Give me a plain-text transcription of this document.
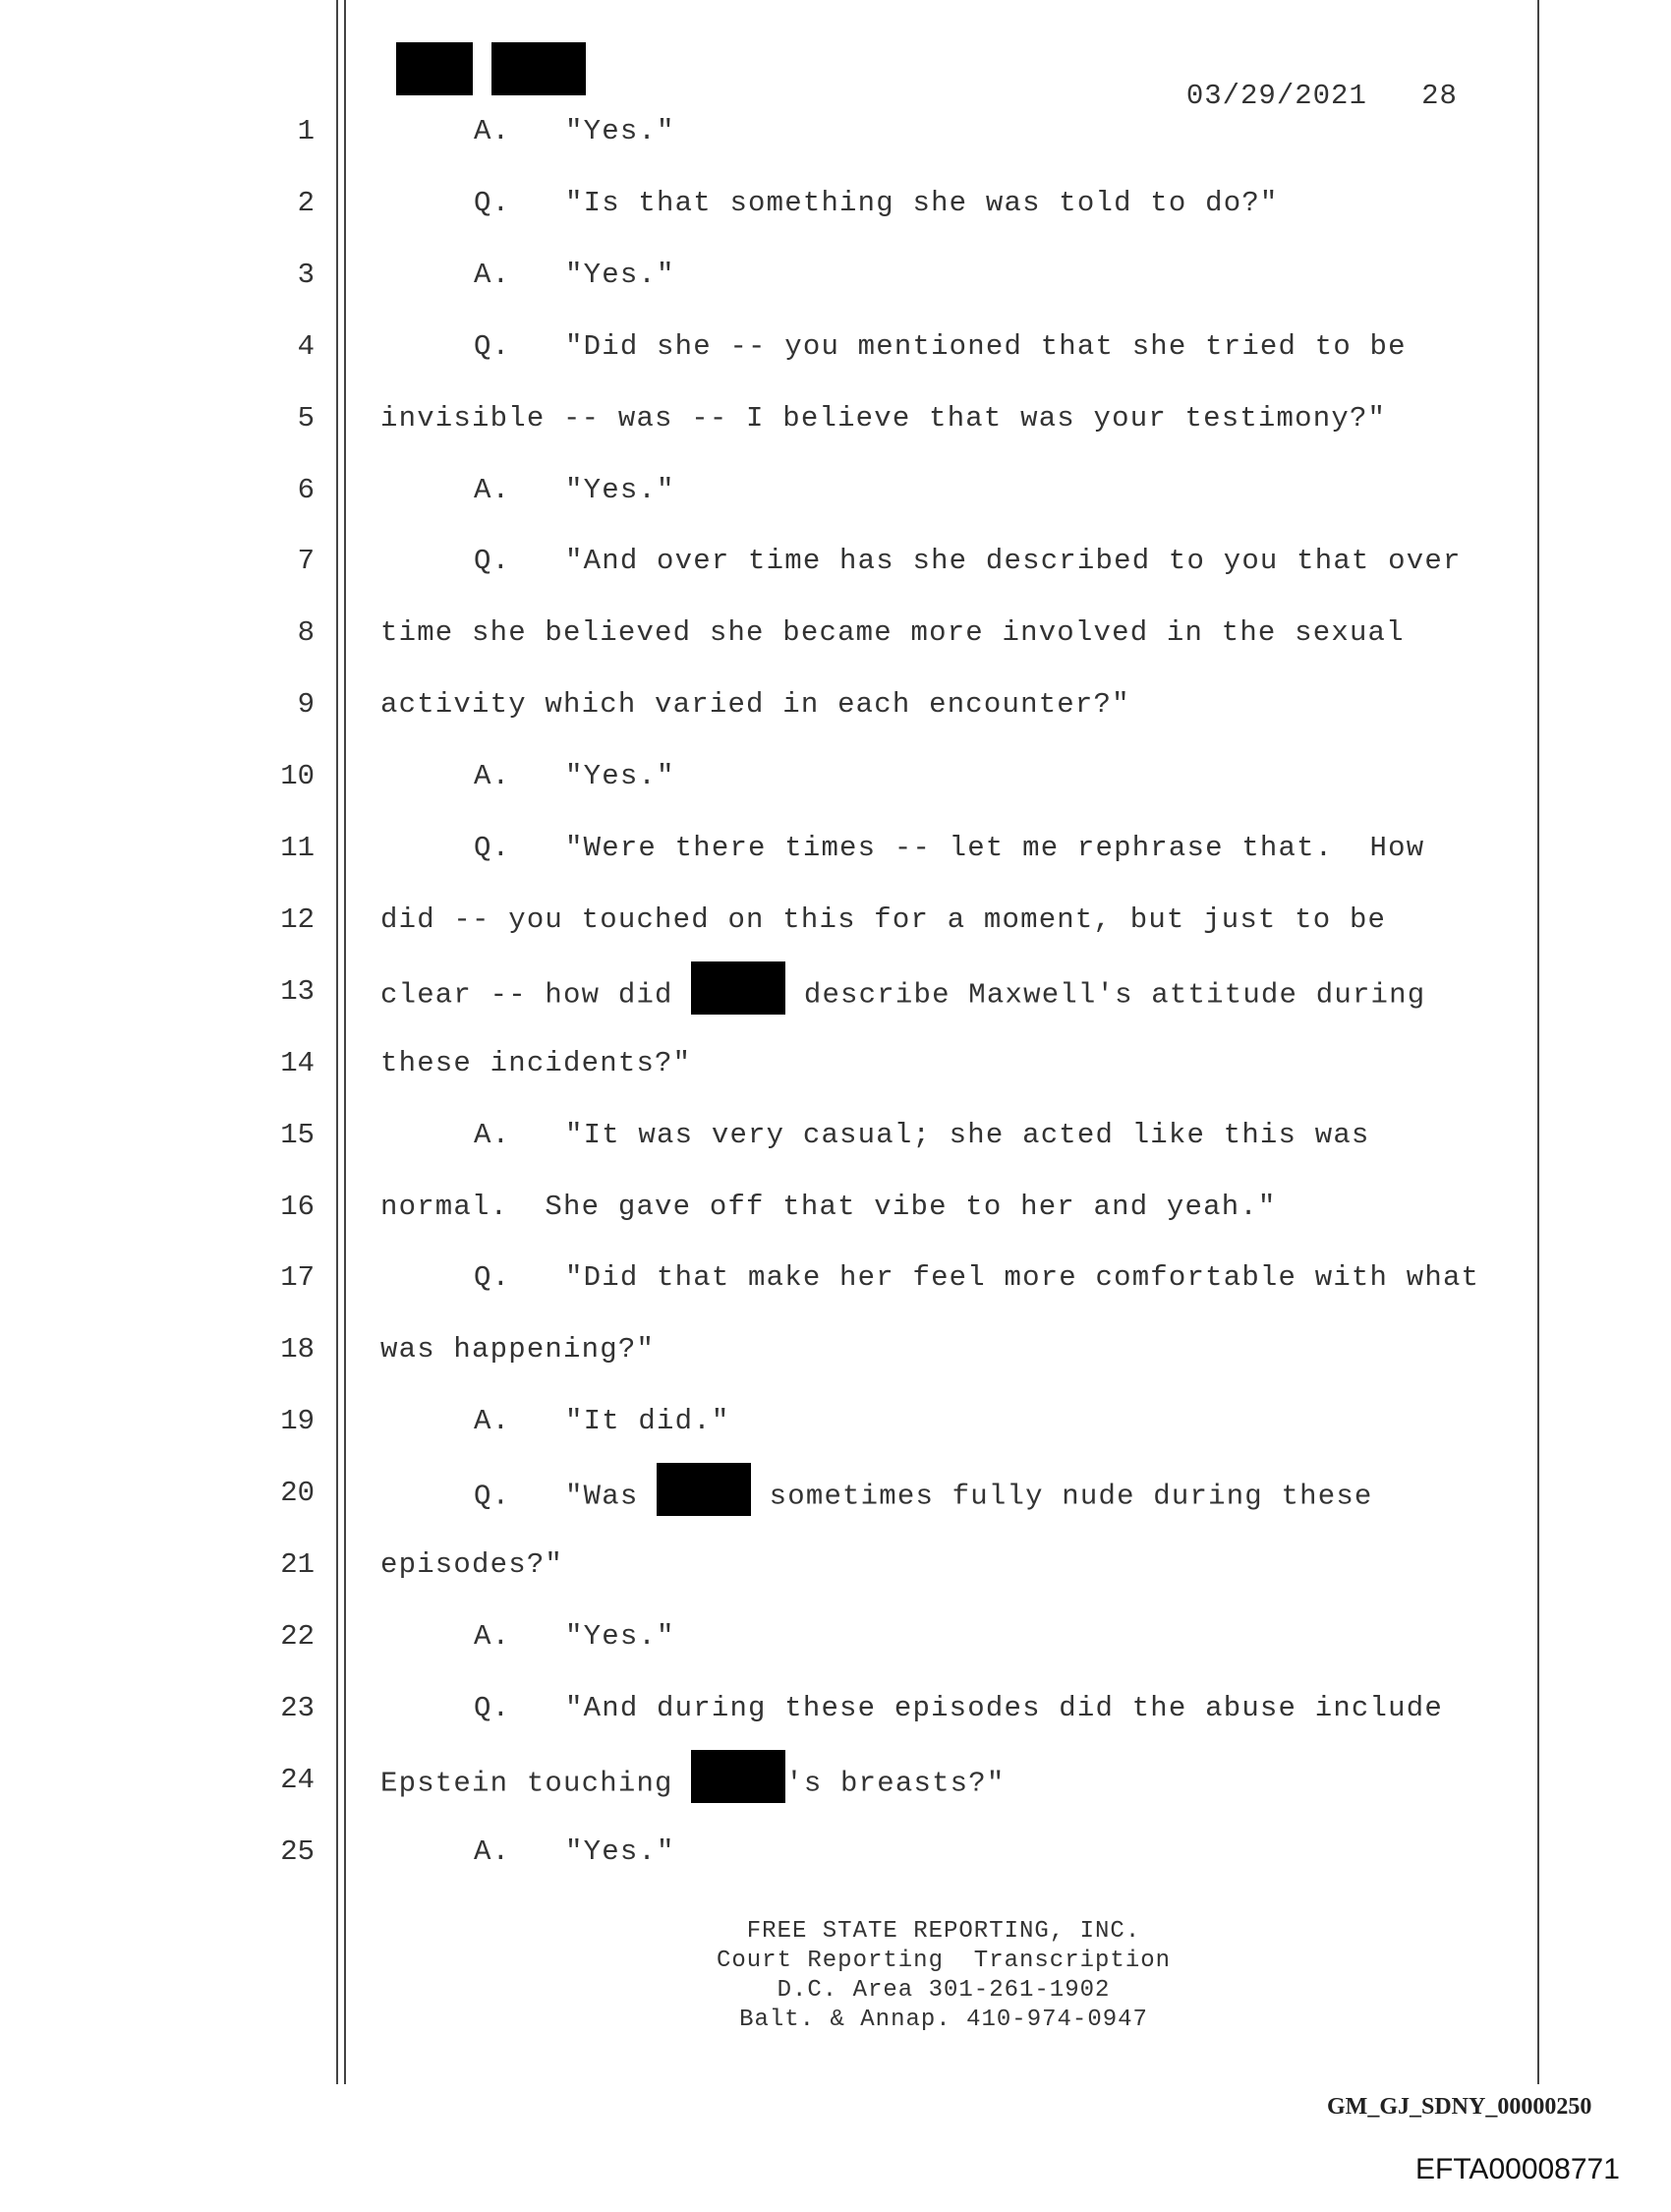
03/29/2021 28

1	A.   "Yes."
2	Q.   "Is that something she was told to do?"
3	A.   "Yes."
4	Q.   "Did she -- you mentioned that she tried to be
5 invisible -- was -- I believe that was your testimony?"
6	A.   "Yes."
7	Q.   "And over time has she described to you that over
8 time she believed she became more involved in the sexual
9 activity which varied in each encounter?"
10	A.   "Yes."
11	Q.   "Were there times -- let me rephrase that.  How
12 did -- you touched on this for a moment, but just to be
13 clear -- how did	describe Maxwell's attitude during
14 these incidents?"
15	A.   "It was very casual; she acted like this was
16 normal.  She gave off that vibe to her and yeah."
17	Q.   "Did that make her feel more comfortable with what
18 was happening?"
19	A.   "It did."
20	Q.   "Was	sometimes fully nude during these
21 episodes?"
22	A.   "Yes."
23	Q.   "And during these episodes did the abuse include
24 Epstein touching	's breasts?"
25	A.   "Yes."
FREE STATE REPORTING, INC.
Court Reporting  Transcription
D.C. Area 301-261-1902
Balt. & Annap. 410-974-0947
GM_GJ_SDNY_00000250
EFTA00008771
